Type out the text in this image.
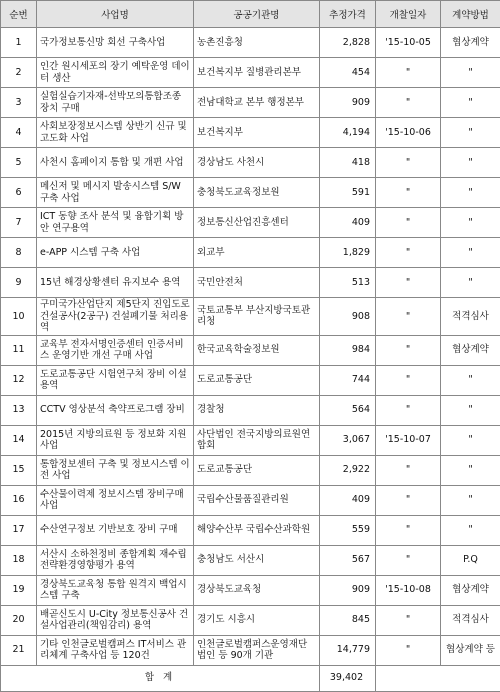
순번	사업명	공공기관명	추정가격	개찰일자	계약방법
1	국가정보통신망 회선 구축사업	농촌진흥청	2,828	'15-10-05	협상계약
2	인간 원시세포의 장기 예탁운영 데이터 생산	보건복지부 질병관리본부	454	"	"
3	실험실습기자재-선박모의통합조종장치 구매	전남대학교 본부 행정본부	909	"	"
4	사회보장정보시스템 상반기 신규 및 고도화 사업	보건복지부	4,194	'15-10-06	"
5	사천시 홈페이지 통합 및 개편 사업	경상남도 사천시	418	"	"
6	메신저 및 메시지 발송시스템 S/W 구축 사업	충청북도교육정보원	591	"	"
7	ICT 동향 조사 분석 및 융합기획 방안 연구용역	정보통신산업진흥센터	409	"	"
8	e-APP 시스템 구축 사업	외교부	1,829	"	"
9	15년 해경상황센터 유지보수 용역	국민안전처	513	"	"
10	구미국가산업단지 제5단지 진입도로 건설공사(2공구) 건설폐기물 처리용역	국토교통부 부산지방국토관리청	908	"	적격심사
11	교육부 전자서명인증센터 인증서비스 운영기반 개선 구매 사업	한국교육학술정보원	984	"	협상계약
12	도로교통공단 시험연구처 장비 이설용역	도로교통공단	744	"	"
13	CCTV 영상분석 축약프로그램 장비	경찰청	564	"	"
14	2015년 지방의료원 등 정보화 지원사업	사단법인 전국지방의료원연합회	3,067	'15-10-07	"
15	통합정보센터 구축 및 정보시스템 이전 사업	도로교통공단	2,922	"	"
16	수산물이력제 정보시스템 장비구매 사업	국립수산물품질관리원	409	"	"
17	수산연구정보 기반보호 장비 구매	해양수산부 국립수산과학원	559	"	"
18	서산시 소하천정비 종합계획 재수립 전략환경영향평가 용역	충청남도 서산시	567	"	P.Q
19	경상북도교육청 통합 원격지 백업시스템 구축	경상북도교육청	909	'15-10-08	협상계약
20	배곧신도시 U-City 정보통신공사 건설사업관리(책임감리) 용역	경기도 시흥시	845	"	적격심사
21	기타 인천글로벌캠퍼스 IT서비스 관리체계 구축사업 등 120건	인천글로벌캠퍼스운영재단법인 등 90개 기관	14,779	"	협상계약 등
합 계			39,402		
